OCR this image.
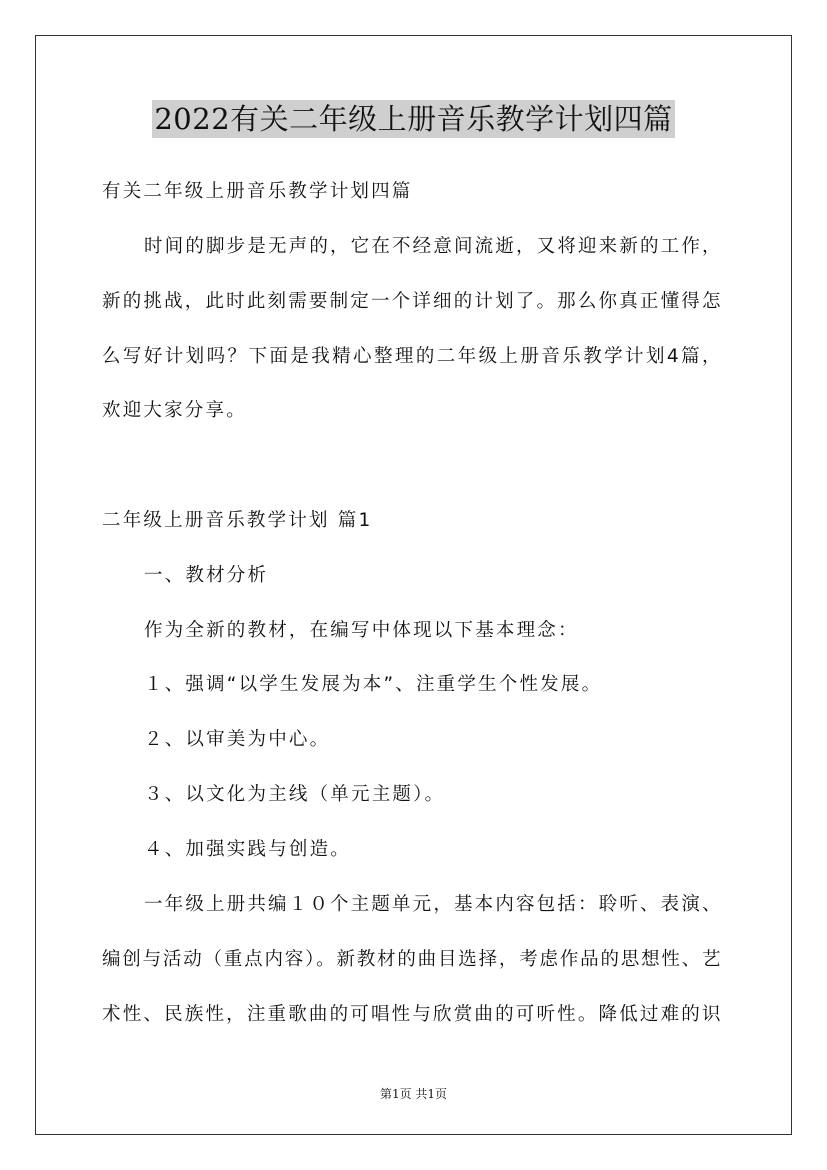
2022有关二年级上册音乐教学计划四篇
有关二年级上册音乐教学计划四篇
时间的脚步是无声的，它在不经意间流逝，又将迎来新的工作，
新的挑战，此时此刻需要制定一个详细的计划了。那么你真正懂得怎
么写好计划吗？下面是我精心整理的二年级上册音乐教学计划4篇，
欢迎大家分享。
二年级上册音乐教学计划 篇1
一、教材分析
作为全新的教材，在编写中体现以下基本理念：
１、强调“以学生发展为本”、注重学生个性发展。
２、以审美为中心。
３、以文化为主线（单元主题）。
４、加强实践与创造。
一年级上册共编１０个主题单元，基本内容包括：聆听、表演、
编创与活动（重点内容）。新教材的曲目选择，考虑作品的思想性、艺
术性、民族性，注重歌曲的可唱性与欣赏曲的可听性。降低过难的识
第1页 共1页
